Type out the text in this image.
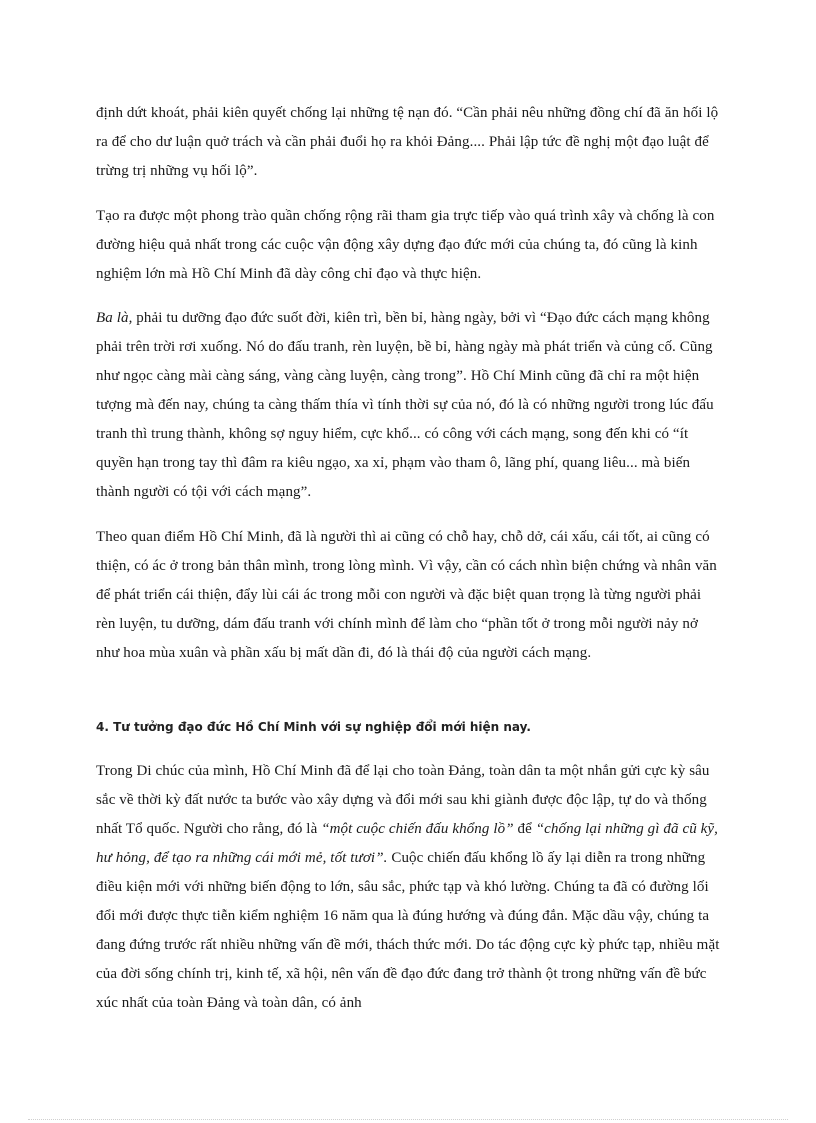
định dứt khoát, phải kiên quyết chống lại những tệ nạn đó. “Cần phải nêu những đồng chí đã ăn hối lộ ra để cho dư luận quở trách và cần phải đuổi họ ra khỏi Đảng.... Phải lập tức đề nghị một đạo luật để trừng trị những vụ hối lộ”.

Tạo ra được một phong trào quần chống rộng rãi tham gia trực tiếp vào quá trình xây và chống là con đường hiệu quả nhất trong các cuộc vận động xây dựng đạo đức mới của chúng ta, đó cũng là kinh nghiệm lớn mà Hồ Chí Minh đã dày công chỉ đạo và thực hiện.

Ba là, phải tu dưỡng đạo đức suốt đời, kiên trì, bền bỉ, hàng ngày, bởi vì “Đạo đức cách mạng không phải trên trời rơi xuống. Nó do đấu tranh, rèn luyện, bề bỉ, hàng ngày mà phát triển và củng cố. Cũng như ngọc càng mài càng sáng, vàng càng luyện, càng trong”. Hồ Chí Minh cũng đã chỉ ra một hiện tượng mà đến nay, chúng ta càng thấm thía vì tính thời sự của nó, đó là có những người trong lúc đấu tranh thì trung thành, không sợ nguy hiểm, cực khổ... có công với cách mạng, song đến khi có “ít quyền hạn trong tay thì đâm ra kiêu ngạo, xa xỉ, phạm vào tham ô, lãng phí, quang liêu... mà biến thành người có tội với cách mạng”.

Theo quan điểm Hồ Chí Minh, đã là người thì ai cũng có chỗ hay, chỗ dở, cái xấu, cái tốt, ai cũng có thiện, có ác ở trong bản thân mình, trong lòng mình. Vì vậy, cần có cách nhìn biện chứng và nhân văn để phát triển cái thiện, đẩy lùi cái ác trong mỗi con người và đặc biệt quan trọng là từng người phải rèn luyện, tu dưỡng, dám đấu tranh với chính mình để làm cho “phần tốt ở trong mỗi người nảy nở như hoa mùa xuân và phần xấu bị mất dần đi, đó là thái độ của người cách mạng.

4. Tư tưởng đạo đức Hồ Chí Minh với sự nghiệp đổi mới hiện nay.

Trong Di chúc của mình, Hồ Chí Minh đã để lại cho toàn Đảng, toàn dân ta một nhắn gửi cực kỳ sâu sắc về thời kỳ đất nước ta bước vào xây dựng và đổi mới sau khi giành được độc lập, tự do và thống nhất Tổ quốc. Người cho rằng, đó là “một cuộc chiến đấu khổng lồ” để “chống lại những gì đã cũ kỹ, hư hỏng, để tạo ra những cái mới mẻ, tốt tươi”. Cuộc chiến đấu khổng lồ ấy lại diễn ra trong những điều kiện mới với những biến động to lớn, sâu sắc, phức tạp và khó lường. Chúng ta đã có đường lối đổi mới được thực tiễn kiểm nghiệm 16 năm qua là đúng hướng và đúng đắn. Mặc dầu vậy, chúng ta đang đứng trước rất nhiều những vấn đề mới, thách thức mới. Do tác động cực kỳ phức tạp, nhiều mặt của đời sống chính trị, kinh tế, xã hội, nên vấn đề đạo đức đang trở thành ột trong những vấn đề bức xúc nhất của toàn Đảng và toàn dân, có ảnh
